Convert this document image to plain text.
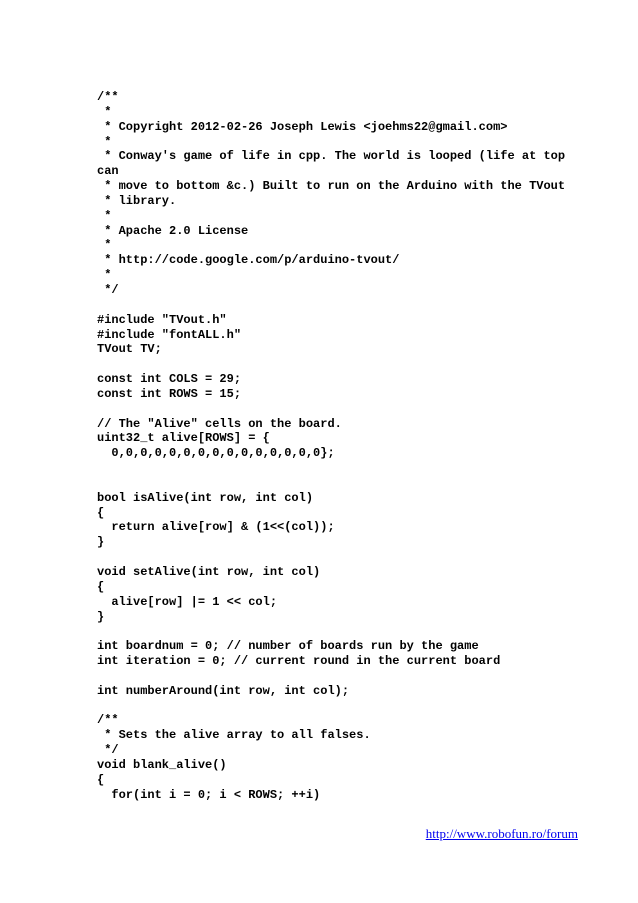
/**
*
* Copyright 2012-02-26 Joseph Lewis <joehms22@gmail.com>
*
* Conway's game of life in cpp. The world is looped (life at top
can
* move to bottom &c.) Built to run on the Arduino with the TVout
* library.
*
* Apache 2.0 License
*
* http://code.google.com/p/arduino-tvout/
*
*/
#include "TVout.h"
#include "fontALL.h"
TVout TV;
const int COLS = 29;
const int ROWS = 15;
// The "Alive" cells on the board.
uint32_t alive[ROWS] = {
0,0,0,0,0,0,0,0,0,0,0,0,0,0,0};
bool isAlive(int row, int col)
{
return alive[row] & (1<<(col));
}
void setAlive(int row, int col)
{
alive[row] |= 1 << col;
}
int boardnum = 0; // number of boards run by the game
int iteration = 0; // current round in the current board
int numberAround(int row, int col);
/**
* Sets the alive array to all falses.
*/
void blank_alive()
{
for(int i = 0; i < ROWS; ++i)
http://www.robofun.ro/forum
